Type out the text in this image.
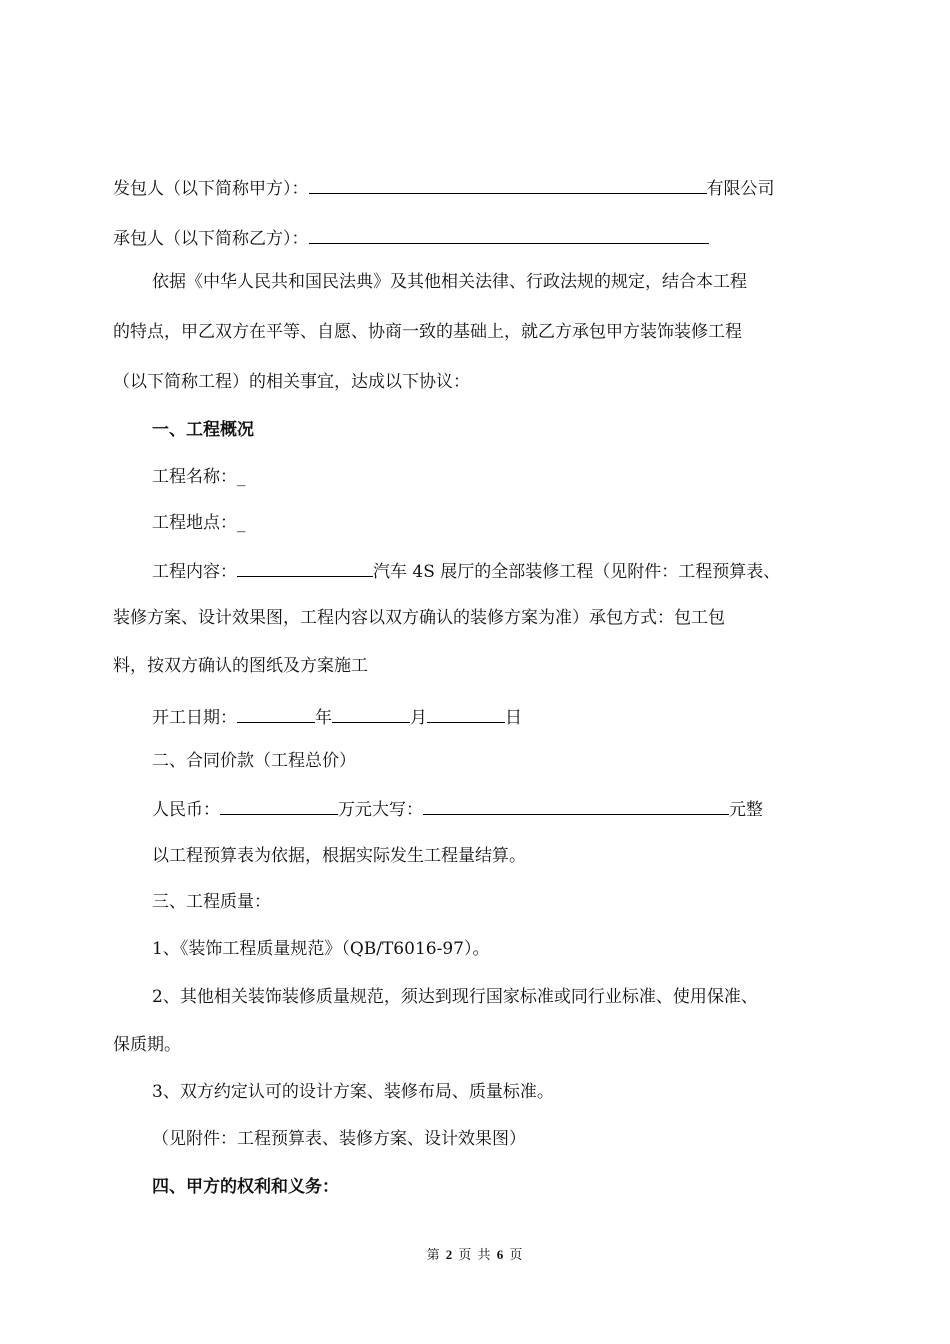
发包人（以下简称甲方）：	有限公司
承包人（以下简称乙方）：
依据《中华人民共和国民法典》及其他相关法律、行政法规的规定，结合本工程
的特点，甲乙双方在平等、自愿、协商一致的基础上，就乙方承包甲方装饰装修工程
（以下简称工程）的相关事宜，达成以下协议：
一、工程概况
工程名称：_
工程地点：_
工程内容：	汽车 4S 展厅的全部装修工程（见附件：工程预算表、
装修方案、设计效果图，工程内容以双方确认的装修方案为准）承包方式：包工包
料，按双方确认的图纸及方案施工
开工日期：	年	月	日
二、合同价款（工程总价）
人民币：	万元大写：	元整
以工程预算表为依据，根据实际发生工程量结算。
三、工程质量：
1、《装饰工程质量规范》（QB/T6016-97）。
2、其他相关装饰装修质量规范，须达到现行国家标准或同行业标准、使用保准、
保质期。
3、双方约定认可的设计方案、装修布局、质量标准。
（见附件：工程预算表、装修方案、设计效果图）
四、甲方的权利和义务：
第 2 页 共 6 页
